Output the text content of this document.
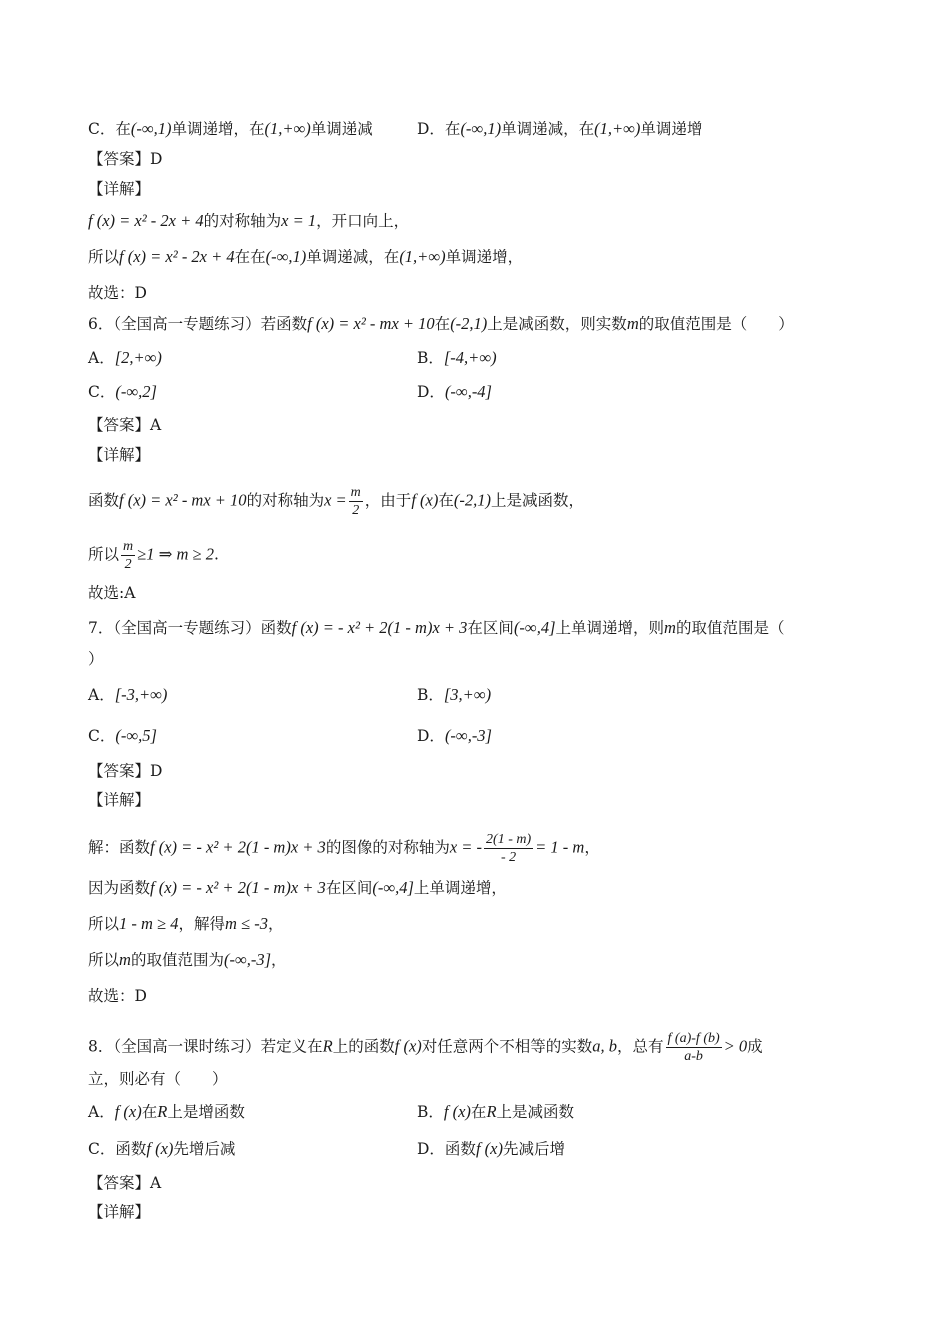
C．在(-∞,1)单调递增，在(1,+∞)单调递减	D．在(-∞,1)单调递减，在(1,+∞)单调递增
【答案】D
【详解】
f (x) = x² - 2x + 4的对称轴为x = 1，开口向上，
所以f (x) = x² - 2x + 4在在(-∞,1)单调递减，在(1,+∞)单调递增，
故选：D
6．（全国高一专题练习）若函数f (x) = x² - mx + 10在(-2,1)上是减函数，则实数m的取值范围是（　　）
A．[2,+∞)	B．[-4,+∞)
C．(-∞,2]	D．(-∞,-4]
【答案】A
【详解】
函数f (x) = x² - mx + 10的对称轴为$x = \frac{m}{2}$ ，由于f (x)在(-2,1)上是减函数，
所以 $\frac{m}{2} \ge 1$ ⇒ m ≥ 2.
故选:A
7．（全国高一专题练习）函数f (x) = - x² + 2(1 - m)x + 3在区间(-∞,4]上单调递增，则m的取值范围是（
）
A．[-3,+∞)	B．[3,+∞)
C．(-∞,5]	D．(-∞,-3]
【答案】D
【详解】
解：函数f (x) = - x² + 2(1 - m)x + 3的图像的对称轴为x = - $\frac{2(1 - m)}{- 2} = 1 - m$，
因为函数f (x) = - x² + 2(1 - m)x + 3在区间(-∞,4]上单调递增，
所以1 - m ≥ 4，解得m ≤ -3，
所以m的取值范围为(-∞,-3]，
故选：D
8．（全国高一课时练习）若定义在R上的函数f (x)对任意两个不相等的实数a, b，总有 $\frac{f (a)-f (b)}{a-b} > 0$成
立，则必有（　　）
A．f (x)在R上是增函数	B．f (x)在R上是减函数
C．函数f (x)先增后减	D．函数f (x)先减后增
【答案】A
【详解】
